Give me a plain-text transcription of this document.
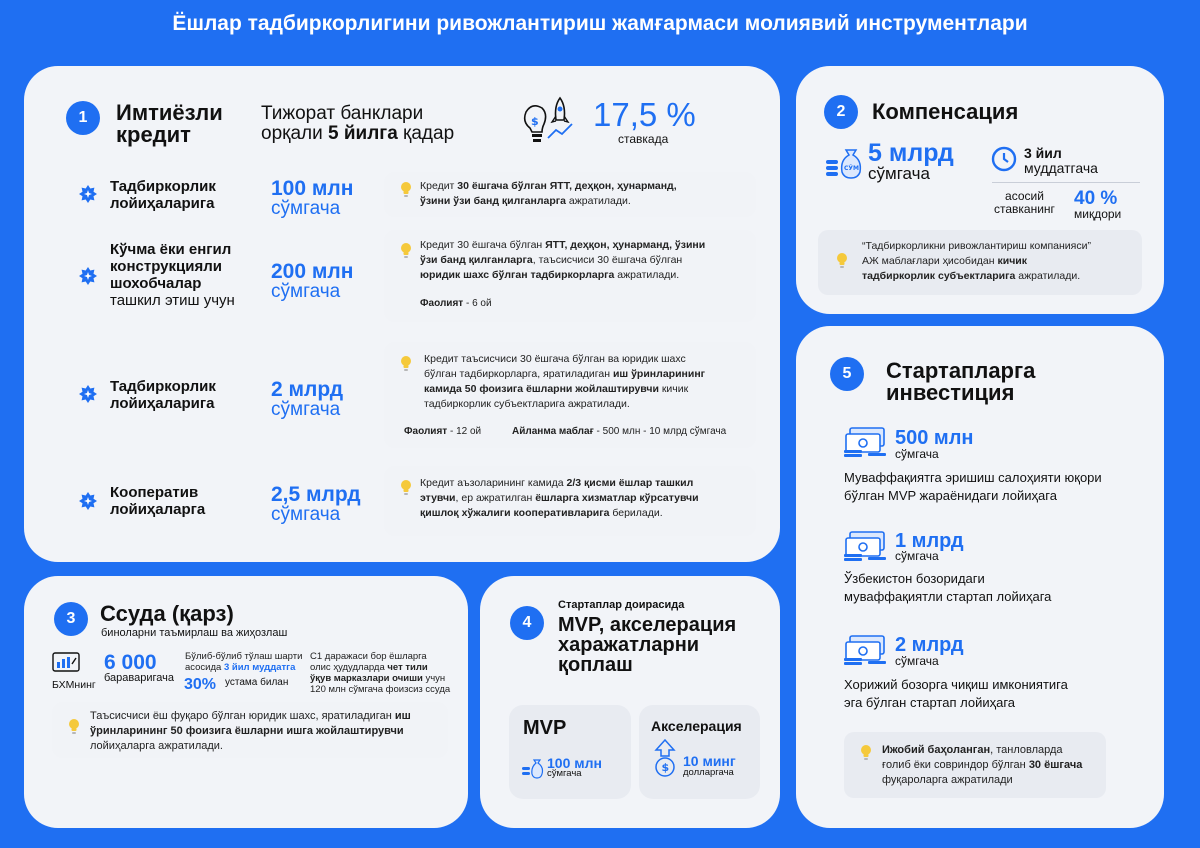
Ёшлар тадбиркорлигини ривожлантириш жамғармаси молиявий инструментлари
1	Имтиёзли
кредит
Тижорат банклари
орқали 5 йилга қадар
$ 17,5 %
ставкада
Тадбиркорлик
лойиҳаларига
100 млн
сўмгача
Кредит 30 ёшгача бўлган ЯТТ, деҳқон, ҳунарманд,
ўзини ўзи банд қилганларга ажратилади.
Кўчма ёки енгил
конструкцияли
шохобчалар
ташкил этиш учун
200 млн
сўмгача
Кредит 30 ёшгача бўлган ЯТТ, деҳқон, ҳунарманд, ўзини
ўзи банд қилганларга, таъсисчиси 30 ёшгача бўлган
юридик шахс бўлган тадбиркорларга ажратилади.
Фаолият - 6 ой
Тадбиркорлик
лойиҳаларига
2 млрд
сўмгача
Кредит таъсисчиси 30 ёшгача бўлган ва юридик шахс
бўлган тадбиркорларга, яратиладиган иш ўринларининг
камида 50 фоизига ёшларни жойлаштирувчи кичик
тадбиркорлик субъектларига ажратилади.
Фаолият - 12 ой	Айланма маблағ - 500 млн - 10 млрд сўмгача
Кооператив
лойиҳаларга
2,5 млрд
сўмгача
Кредит аъзоларининг камида 2/3 қисми ёшлар ташкил
этувчи, ер ажратилган ёшларга хизматлар кўрсатувчи
қишлоқ хўжалиги кооперативларига берилади.
2	Компенсация
СЎМ
5 млрд
сўмгача
3 йил
муддатгача
асосий
ставканинг 40 %
миқдори
“Тадбиркорликни ривожлантириш компанияси”
АЖ маблағлари ҳисобидан кичик
тадбиркорлик субъектларига ажратилади.
3	Ссуда (қарз)
биноларни таъмирлаш ва жиҳозлаш
БХМнинг
6 000
бараваригача
Бўлиб-бўлиб тўлаш шарти
асосида 3 йил муддатга
30% устама билан
С1 даражаси бор ёшларга
олис ҳудудларда чет тили
ўқув марказлари очиши учун
120 млн сўмгача фоизсиз ссуда
Таъсисчиси ёш фуқаро бўлган юридик шахс, яратиладиган иш
ўринларининг 50 фоизига ёшларни ишга жойлаштирувчи
лойиҳаларга ажратилади.
4
Стартаплар доирасида
MVP, акселерация
харажатларни
қоплаш
MVP
100 млн
сўмгача
Акселерация
$ 10 минг
долларгача
5	Стартапларга
инвестиция
500 млн
сўмгача
Муваффақиятга эришиш салоҳияти юқори
бўлган MVP жараёнидаги лойиҳага
1 млрд
сўмгача
Ўзбекистон бозоридаги
муваффақиятли стартап лойиҳага
2 млрд
сўмгача
Хорижий бозорга чиқиш имкониятига
эга бўлган стартап лойиҳага
Ижобий баҳоланган, танловларда
ғолиб ёки совриндор бўлган 30 ёшгача
фуқароларга ажратилади
